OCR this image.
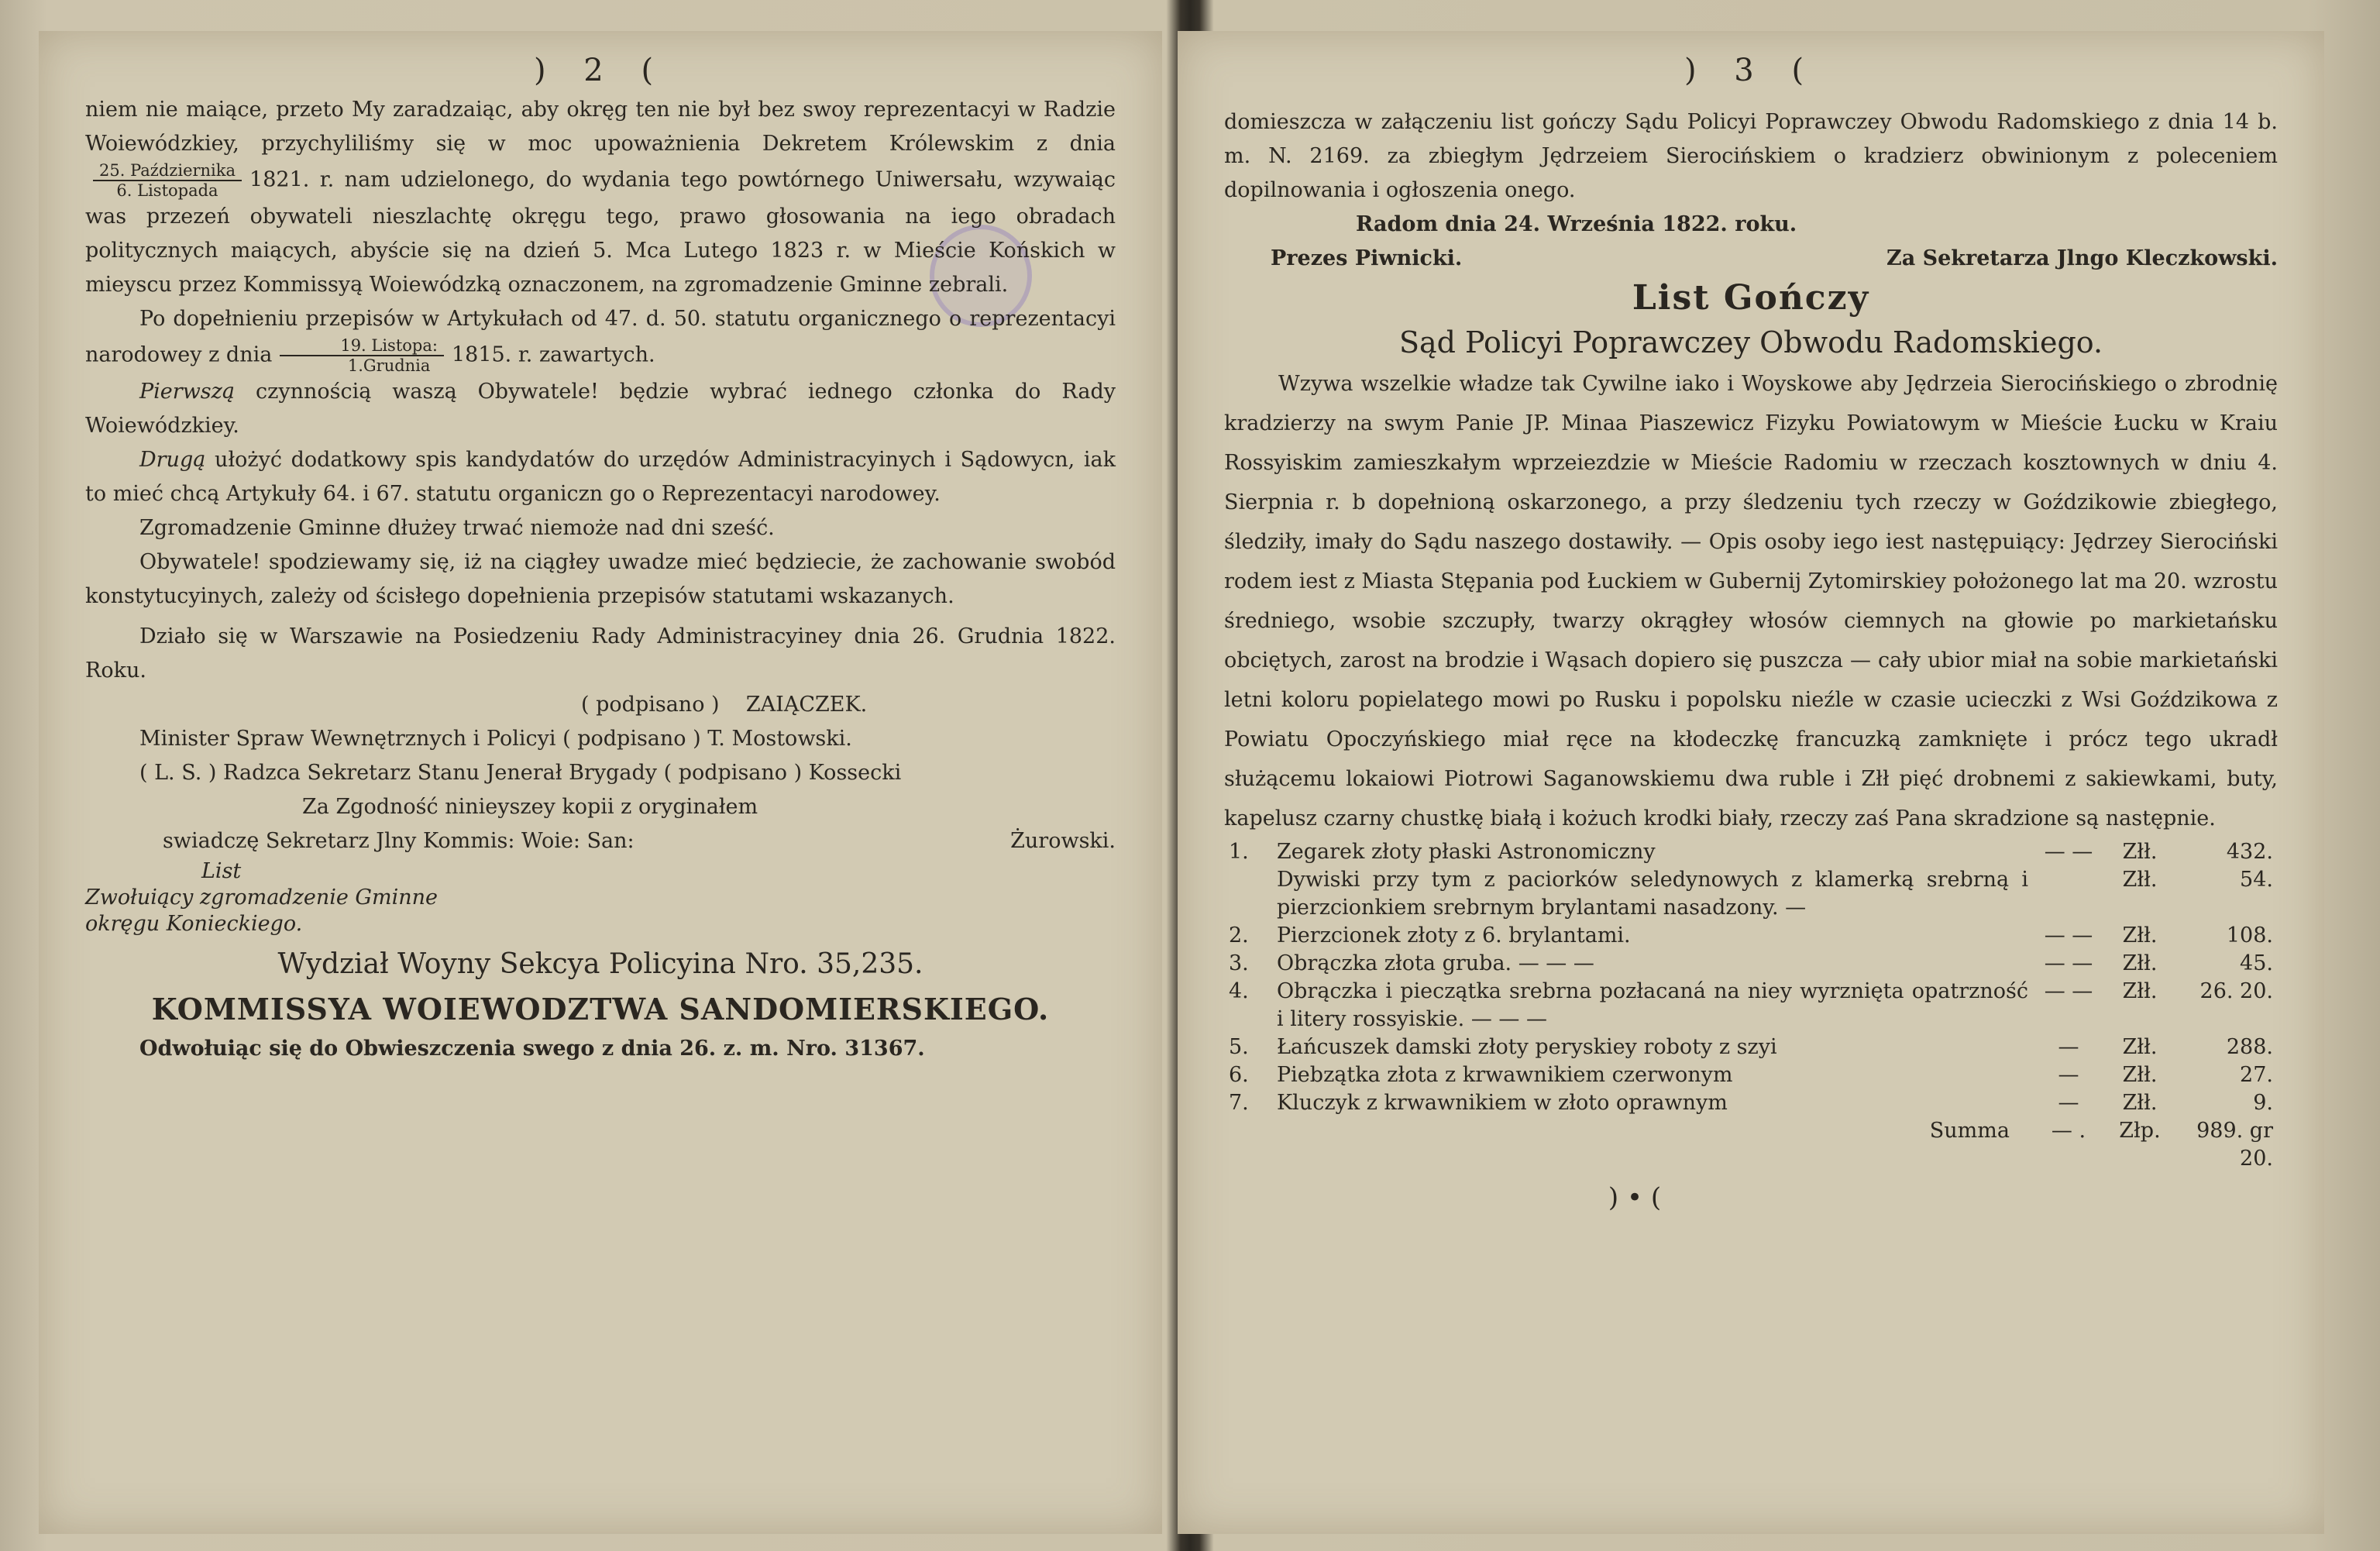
) 2 (

niem nie maiące, przeto My zaradzaiąc, aby okręg ten nie był bez swoy reprezentacyi w Radzie Woiewódzkiey, przychyliliśmy się w moc upoważnienia Dekretem Królewskim z dnia
$\frac{\text{25. Października}}{\text{6. Listopada}} 1821$. r. nam udzielonego, do wydania tego powtórnego Uniwersału, wzywaiąc was przezeń obywateli nieszlachtę okręgu tego, prawo głosowania na iego obradach politycznych maiących, abyście się na dzień 5. Mca Lutego 1823 r. w Mieście Końskich w mieyscu przez Kommissyą Woiewódzką oznaczonem, na zgromadzenie Gminne zebrali.

Po dopełnieniu przepisów w Artykułach od 47. d. 50. statutu organicznego o reprezentacyi narodowey z dnia $\frac{\text{19. Listopa:}}{\text{1.Grudnia}} 1815$. r. zawartych.

Pierwszą czynnością waszą Obywatele! będzie wybrać iednego członka do Rady Woiewódzkiey.

Drugą ułożyć dodatkowy spis kandydatów do urzędów Administracyinych i Sądowycn, iak to mieć chcą Artykuły 64. i 67. statutu organiczn go o Reprezentacyi narodowey.

Zgromadzenie Gminne dłużey trwać niemoże nad dni sześć.

Obywatele! spodziewamy się, iż na ciągłey uwadze mieć będziecie, że zachowanie swobód konstytucyinych, zależy od ścisłego dopełnienia przepisów statutami wskazanych.

Działo się w Warszawie na Posiedzeniu Rady Administracyiney dnia 26. Grudnia 1822. Roku.

( podpisano ) ZAIĄCZEK.

Minister Spraw Wewnętrznych i Policyi ( podpisano ) T. Mostowski.

( L. S. ) Radzca Sekretarz Stanu Jenerał Brygady ( podpisano ) Kossecki

Za Zgodność ninieyszey kopii z oryginałem

swiadczę Sekretarz Jlny Kommis: Woie: San:	Żurowski.

List

Zwołuiący zgromadzenie Gminne

okręgu Konieckiego.

Wydział Woyny Sekcya Policyina Nro. 35,235.

KOMMISSYA WOIEWODZTWA SANDOMIERSKIEGO.

Odwołuiąc się do Obwieszczenia swego z dnia 26. z. m. Nro. 31367.

) 3 (

domieszcza w załączeniu list gończy Sądu Policyi Poprawczey Obwodu Radomskiego z dnia 14 b. m. N. 2169. za zbiegłym Jędrzeiem Sierocińskiem o kradzierz obwinionym z poleceniem dopilnowania i ogłoszenia onego.

Radom dnia 24. Września 1822. roku.

Prezes Piwnicki.	Za Sekretarza Jlngo Kleczkowski.

List Gończy

Sąd Policyi Poprawczey Obwodu Radomskiego.

Wzywa wszelkie władze tak Cywilne iako i Woyskowe aby Jędrzeia Sierocińskiego o zbrodnię kradzierzy na swym Panie JP. Minaa Piaszewicz Fizyku Powiatowym w Mieście Łucku w Kraiu Rossyiskim zamieszkałym wprzeiezdzie w Mieście Radomiu w rzeczach kosztownych w dniu 4. Sierpnia r. b dopełnioną oskarzonego, a przy śledzeniu tych rzeczy w Goździkowie zbiegłego, śledziły, imały do Sądu naszego dostawiły. — Opis osoby iego iest następuiący: Jędrzey Sierociński rodem iest z Miasta Stępania pod Łuckiem w Gubernij Zytomirskiey położonego lat ma 20. wzrostu średniego, wsobie szczupły, twarzy okrągłey włosów ciemnych na głowie po markietańsku obciętych, zarost na brodzie i Wąsach dopiero się puszcza — cały ubior miał na sobie markietański letni koloru popielatego mowi po Rusku i popolsku nieźle w czasie ucieczki z Wsi Goździkowa z Powiatu Opoczyńskiego miał ręce na kłodeczkę francuzką zamknięte i prócz tego ukradł służącemu lokaiowi Piotrowi Saganowskiemu dwa ruble i Złł pięć drobnemi z sakiewkami, buty, kapelusz czarny chustkę białą i kożuch krodki biały, rzeczy zaś Pana skradzione są następnie.

1.	Zegarek złoty płaski Astronomiczny	— —	Złł.	432.
	Dywiski przy tym z paciorków seledynowych z klamerką srebrną i pierzcionkiem srebrnym brylantami nasadzony. —		Złł.	54.
2.	Pierzcionek złoty z 6. brylantami.	— —	Złł.	108.
3.	Obrączka złota gruba. — — —	— —	Złł.	45.
4.	Obrączka i pieczątka srebrna pozłacaná na niey wyrznięta opatrzność i litery rossyiskie. — — —	— —	Złł.	26. 20.
5.	Łańcuszek damski złoty peryskiey roboty z szyi	—	Złł.	288.
6.	Piebzątka złota z krwawnikiem czerwonym	—	Złł.	27.
7.	Kluczyk z krwawnikiem w złoto oprawnym	—	Złł.	9.
	Summa	— .	Złp.	989. gr 20.

) • (
